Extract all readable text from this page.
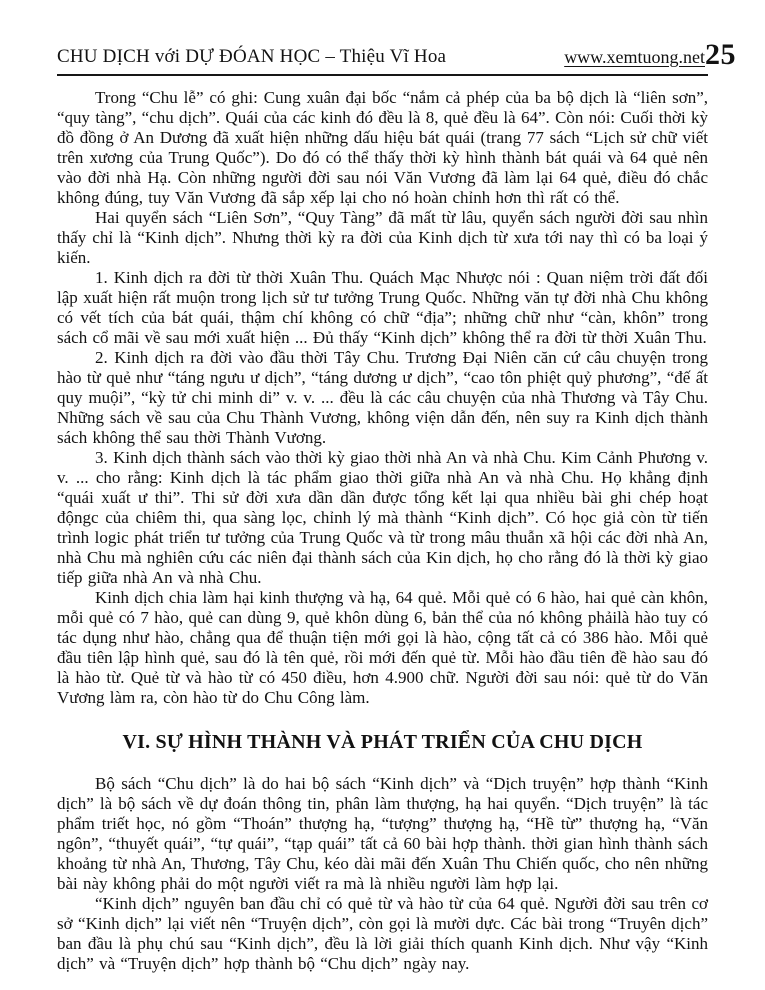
CHU DỊCH với DỰ ĐÓAN HỌC – Thiệu Vĩ Hoa	www.xemtuong.net 25

Trong “Chu lễ” có ghi: Cung xuân đại bốc “nắm cả phép của ba bộ dịch là “liên sơn”, “quy tàng”, “chu dịch”. Quái của các kinh đó đều là 8, quẻ đều là 64”. Còn nói: Cuối thời kỳ đồ đồng ở An Dương đã xuất hiện những dấu hiệu bát quái (trang 77 sách “Lịch sử chữ viết trên xương của Trung Quốc”). Do đó có thể thấy thời kỳ hình thành bát quái và 64 quẻ nên vào đời nhà Hạ. Còn những người đời sau nói Văn Vương đã làm lại 64 quẻ, điều đó chắc không đúng, tuy Văn Vương đã sắp xếp lại cho nó hoàn chỉnh hơn thì rất có thể.

Hai quyển sách “Liên Sơn”, “Quy Tàng” đã mất từ lâu, quyển sách người đời sau nhìn thấy chỉ là “Kinh dịch”. Nhưng thời kỳ ra đời của Kinh dịch từ xưa tới nay thì có ba loại ý kiến.

1. Kinh dịch ra đời từ thời Xuân Thu. Quách Mạc Nhược nói : Quan niệm trời đất đối lập xuất hiện rất muộn trong lịch sử tư tưởng Trung Quốc. Những văn tự đời nhà Chu không có vết tích của bát quái, thậm chí không có chữ “địa”; những chữ như “càn, khôn” trong sách cổ mãi về sau mới xuất hiện ... Đủ thấy “Kinh dịch” không thể ra đời từ thời Xuân Thu.

2. Kinh dịch ra đời vào đầu thời Tây Chu. Trương Đại Niên căn cứ câu chuyện trong hào từ quẻ như “táng ngưu ư dịch”, “táng dương ư dịch”, “cao tôn phiệt quỷ phương”, “đế ất quy muội”, “kỳ tử chi minh di” v. v. ... đều là các câu chuyện của nhà Thương và Tây Chu. Những sách về sau của Chu Thành Vương, không viện dẫn đến, nên suy ra Kinh dịch thành sách không thể sau thời Thành Vương.

3. Kinh dịch thành sách vào thời kỳ giao thời nhà An và nhà Chu. Kim Cảnh Phương v. v. ... cho rằng: Kinh dịch là tác phẩm giao thời giữa nhà An và nhà Chu. Họ khẳng định “quái xuất ư thi”. Thi sử đời xưa dần dần được tổng kết lại qua nhiều bài ghi chép hoạt độngc của chiêm thi, qua sàng lọc, chỉnh lý mà thành “Kinh dịch”. Có học giả còn từ tiến trình logic phát triển tư tưởng của Trung Quốc và từ trong mâu thuẫn xã hội các đời nhà An, nhà Chu mà nghiên cứu các niên đại thành sách của Kin dịch, họ cho rằng đó là thời kỳ giao tiếp giữa nhà An và nhà Chu.

Kinh dịch chia làm hại kinh thượng và hạ, 64 quẻ. Mỗi quẻ có 6 hào, hai quẻ càn khôn, mỗi quẻ có 7 hào, quẻ can dùng 9, quẻ khôn dùng 6, bản thể của nó không phảilà hào tuy có tác dụng như hào, chẳng qua để thuận tiện mới gọi là hào, cộng tất cả có 386 hào. Mỗi quẻ đầu tiên lập hình quẻ, sau đó là tên quẻ, rồi mới đến quẻ từ. Mỗi hào đầu tiên đề hào sau đó là hào từ. Quẻ từ và hào từ có 450 điều, hơn 4.900 chữ. Người đời sau nói: quẻ từ do Văn Vương làm ra, còn hào từ do Chu Công làm.

VI. SỰ HÌNH THÀNH VÀ PHÁT TRIỂN CỦA CHU DỊCH

Bộ sách “Chu dịch” là do hai bộ sách “Kinh dịch” và “Dịch truyện” hợp thành “Kinh dịch” là bộ sách về dự đoán thông tin, phân làm thượng, hạ hai quyển. “Dịch truyện” là tác phẩm triết học, nó gồm “Thoán” thượng hạ, “tượng” thượng hạ, “Hề từ” thượng hạ, “Văn ngôn”, “thuyết quái”, “tự quái”, “tạp quái” tất cả 60 bài hợp thành. thời gian hình thành sách khoảng từ nhà An, Thương, Tây Chu, kéo dài mãi đến Xuân Thu Chiến quốc, cho nên những bài này không phải do một người viết ra mà là nhiều người làm hợp lại.

“Kinh dịch” nguyên ban đầu chỉ có quẻ từ và hào từ của 64 quẻ. Người đời sau trên cơ sở “Kinh dịch” lại viết nên “Truyện dịch”, còn gọi là mười dực. Các bài trong “Truyên dịch” ban đầu là phụ chú sau “Kinh dịch”, đều là lời giải thích quanh Kinh dịch. Như vậy “Kinh dịch” và “Truyện dịch” hợp thành bộ “Chu dịch” ngày nay.
